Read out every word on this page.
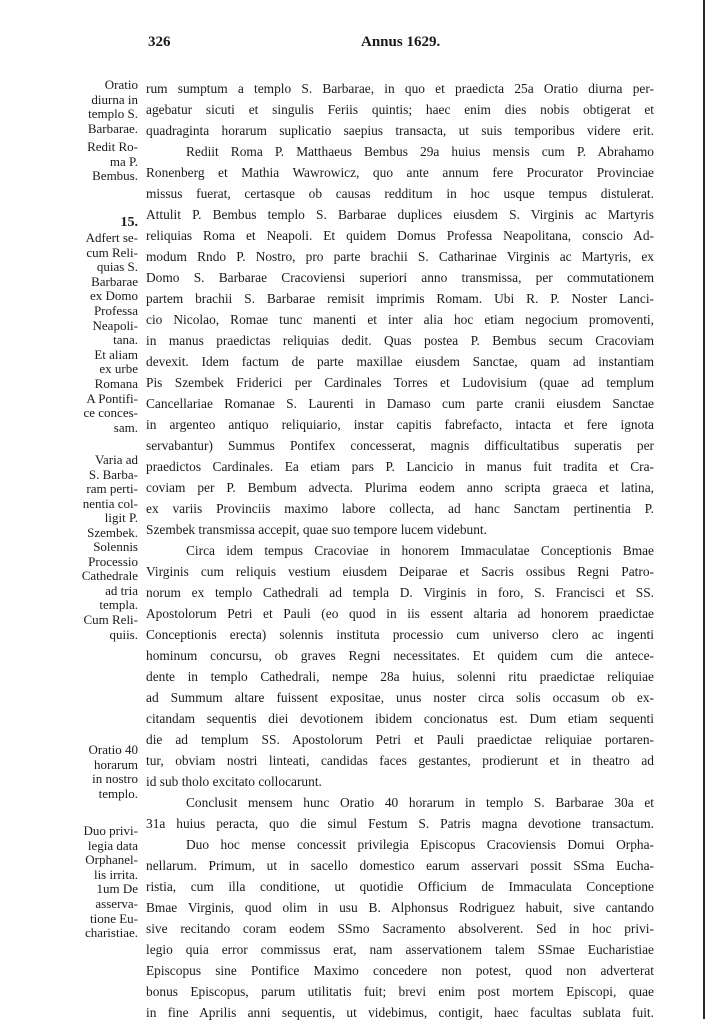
326	Annus 1629.
Oratio
diurna in
templo S.
Barbarae.
Redit Ro-
ma P.
Bembus.
15.
Adfert se-
cum Reli-
quias S.
Barbarae
ex Domo
Professa
Neapoli-
tana.
Et aliam
ex urbe
Romana
A Pontifi-
ce conces-
sam.
Varia ad
S. Barba-
ram perti-
nentia col-
ligit P.
Szembek.
Solennis
Processio
Cathedrale
ad tria
templa.
Cum Reli-
quiis.
Oratio 40
horarum
in nostro
templo.
Duo privi-
legia data
Orphanel-
lis irrita.
1um De
asserva-
tione Eu-
charistiae.
rum sumptum a templo S. Barbarae, in quo et praedicta 25a Oratio diurna per-
agebatur sicuti et singulis Feriis quintis; haec enim dies nobis obtigerat et
quadraginta horarum suplicatio saepius transacta, ut suis temporibus videre erit.
Rediit Roma P. Matthaeus Bembus 29a huius mensis cum P. Abrahamo
Ronenberg et Mathia Wawrowicz, quo ante annum fere Procurator Provinciae
missus fuerat, certasque ob causas redditum in hoc usque tempus distulerat.
Attulit P. Bembus templo S. Barbarae duplices eiusdem S. Virginis ac Martyris
reliquias Roma et Neapoli. Et quidem Domus Professa Neapolitana, conscio Ad-
modum Rndo P. Nostro, pro parte brachii S. Catharinae Virginis ac Martyris, ex
Domo S. Barbarae Cracoviensi superiori anno transmissa, per commutationem
partem brachii S. Barbarae remisit imprimis Romam. Ubi R. P. Noster Lanci-
cio Nicolao, Romae tunc manenti et inter alia hoc etiam negocium promoventi,
in manus praedictas reliquias dedit. Quas postea P. Bembus secum Cracoviam
devexit. Idem factum de parte maxillae eiusdem Sanctae, quam ad instantiam
Pis Szembek Friderici per Cardinales Torres et Ludovisium (quae ad templum
Cancellariae Romanae S. Laurenti in Damaso cum parte cranii eiusdem Sanctae
in argenteo antiquo reliquiario, instar capitis fabrefacto, intacta et fere ignota
servabantur) Summus Pontifex concesserat, magnis difficultatibus superatis per
praedictos Cardinales. Ea etiam pars P. Lancicio in manus fuit tradita et Cra-
coviam per P. Bembum advecta. Plurima eodem anno scripta graeca et latina,
ex variis Provinciis maximo labore collecta, ad hanc Sanctam pertinentia P.
Szembek transmissa accepit, quae suo tempore lucem videbunt.
Circa idem tempus Cracoviae in honorem Immaculatae Conceptionis Bmae
Virginis cum reliquis vestium eiusdem Deiparae et Sacris ossibus Regni Patro-
norum ex templo Cathedrali ad templa D. Virginis in foro, S. Francisci et SS.
Apostolorum Petri et Pauli (eo quod in iis essent altaria ad honorem praedictae
Conceptionis erecta) solennis instituta processio cum universo clero ac ingenti
hominum concursu, ob graves Regni necessitates. Et quidem cum die antece-
dente in templo Cathedrali, nempe 28a huius, solenni ritu praedictae reliquiae
ad Summum altare fuissent expositae, unus noster circa solis occasum ob ex-
citandam sequentis diei devotionem ibidem concionatus est. Dum etiam sequenti
die ad templum SS. Apostolorum Petri et Pauli praedictae reliquiae portaren-
tur, obviam nostri linteati, candidas faces gestantes, prodierunt et in theatro ad
id sub tholo excitato collocarunt.
Conclusit mensem hunc Oratio 40 horarum in templo S. Barbarae 30a et
31a huius peracta, quo die simul Festum S. Patris magna devotione transactum.
Duo hoc mense concessit privilegia Episcopus Cracoviensis Domui Orpha-
nellarum. Primum, ut in sacello domestico earum asservari possit SSma Eucha-
ristia, cum illa conditione, ut quotidie Officium de Immaculata Conceptione
Bmae Virginis, quod olim in usu B. Alphonsus Rodriguez habuit, sive cantando
sive recitando coram eodem SSmo Sacramento absolverent. Sed in hoc privi-
legio quia error commissus erat, nam asservationem talem SSmae Eucharistiae
Episcopus sine Pontifice Maximo concedere non potest, quod non adverterat
bonus Episcopus, parum utilitatis fuit; brevi enim post mortem Episcopi, quae
in fine Aprilis anni sequentis, ut videbimus, contigit, haec facultas sublata fuit.
